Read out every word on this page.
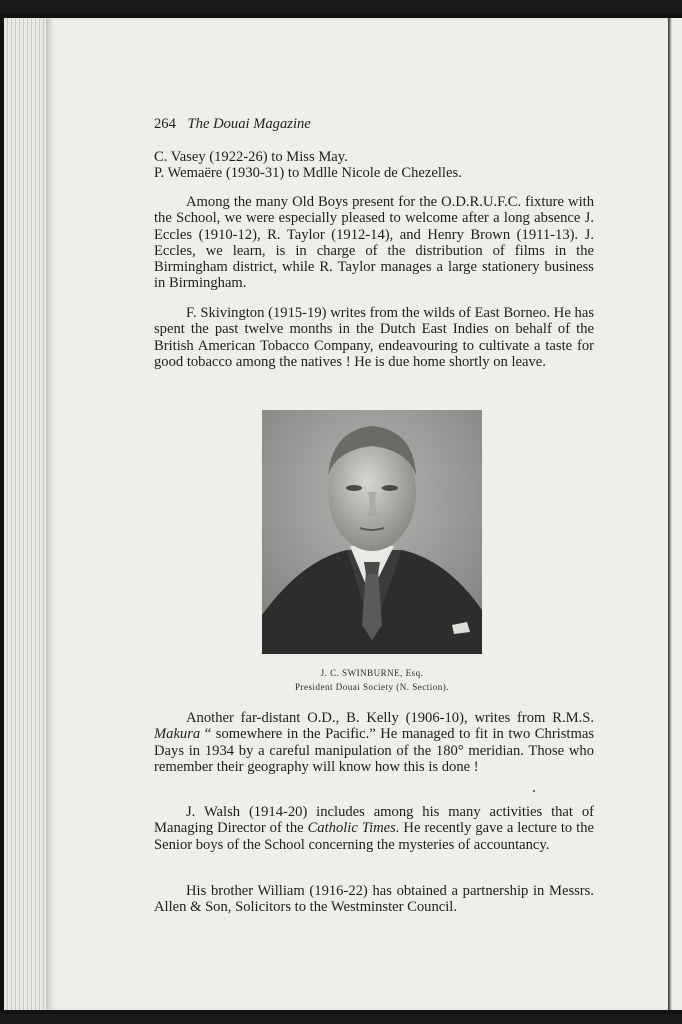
264 The Douai Magazine
C. Vasey (1922-26) to Miss May.
P. Wemaëre (1930-31) to Mdlle Nicole de Chezelles.

Among the many Old Boys present for the O.D.R.U.F.C. fixture with the School, we were especially pleased to welcome after a long absence J. Eccles (1910-12), R. Taylor (1912-14), and Henry Brown (1911-13). J. Eccles, we learn, is in charge of the distribution of films in the Birmingham district, while R. Taylor manages a large stationery business in Birmingham.

F. Skivington (1915-19) writes from the wilds of East Borneo. He has spent the past twelve months in the Dutch East Indies on behalf of the British American Tobacco Company, endeavouring to cultivate a taste for good tobacco among the natives ! He is due home shortly on leave.

J. C. SWINBURNE, Esq.
President Douai Society (N. Section).

Another far-distant O.D., B. Kelly (1906-10), writes from R.M.S. Makura “ somewhere in the Pacific.” He managed to fit in two Christmas Days in 1934 by a careful manipulation of the 180° meridian. Those who remember their geography will know how this is done !

J. Walsh (1914-20) includes among his many activities that of Managing Director of the Catholic Times. He recently gave a lecture to the Senior boys of the School concerning the mysteries of accountancy.

His brother William (1916-22) has obtained a partnership in Messrs. Allen & Son, Solicitors to the Westminster Council.
